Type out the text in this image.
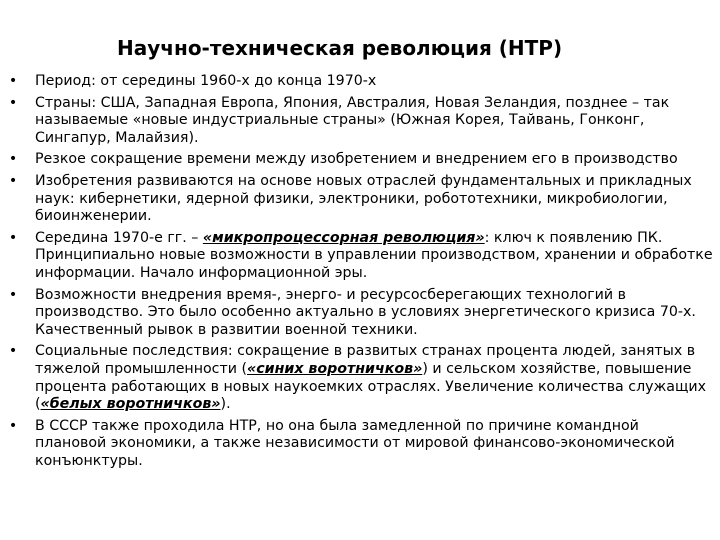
Научно-техническая революция (НТР)
• Период: от середины 1960-х до конца 1970-х
• Страны: США, Западная Европа, Япония, Австралия, Новая Зеландия, позднее – так называемые «новые индустриальные страны» (Южная Корея, Тайвань, Гонконг, Сингапур, Малайзия).
• Резкое сокращение времени между изобретением и внедрением его в производство
• Изобретения развиваются на основе новых отраслей фундаментальных и прикладных наук: кибернетики, ядерной физики, электроники, робототехники, микробиологии, биоинженерии.
• Середина 1970-е гг. – «микропроцессорная революция»: ключ к появлению ПК. Принципиально новые возможности в управлении производством, хранении и обработке информации. Начало информационной эры.
• Возможности внедрения время-, энерго- и ресурсосберегающих технологий в производство. Это было особенно актуально в условиях энергетического кризиса 70-х. Качественный рывок в развитии военной техники.
• Социальные последствия: сокращение в развитых странах процента людей, занятых в тяжелой промышленности («синих воротничков») и сельском хозяйстве, повышение процента работающих в новых наукоемких отраслях. Увеличение количества служащих («белых воротничков»).
• В СССР также проходила НТР, но она была замедленной по причине командной плановой экономики, а также независимости от мировой финансово-экономической конъюнктуры.
